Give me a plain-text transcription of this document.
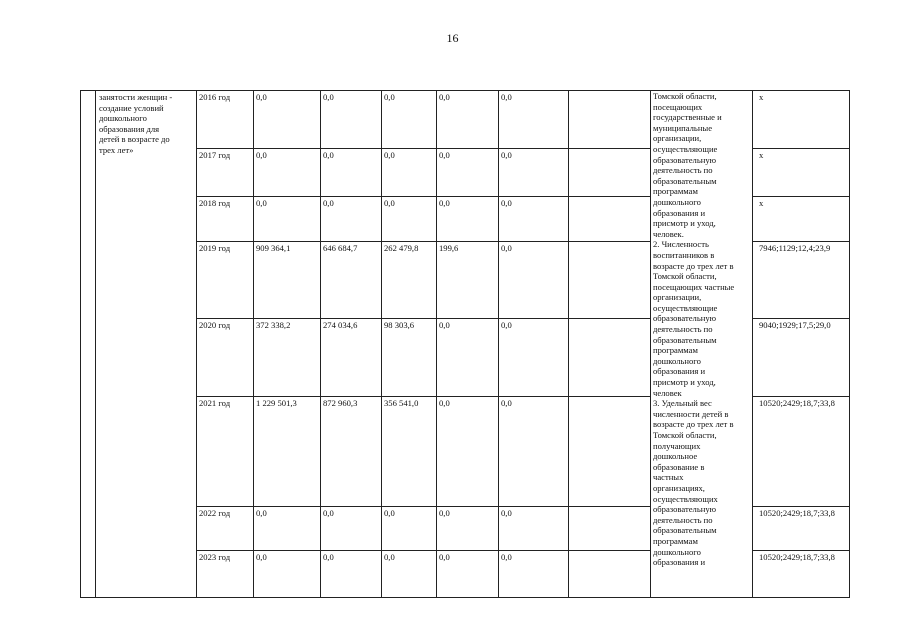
16
занятости женщин -
создание условий
дошкольного
образования для
детей в возрасте до
трех лет»
Томской области,
посещающих
государственные и
муниципальные
организации,
осуществляющие
образовательную
деятельность по
образовательным
программам
дошкольного
образования и
присмотр и уход,
человек.
2. Численность
воспитанников в
возрасте до трех лет в
Томской области,
посещающих частные
организации,
осуществляющие
образовательную
деятельность по
образовательным
программам
дошкольного
образования и
присмотр и уход,
человек
3. Удельный вес
численности детей в
возрасте до трех лет в
Томской области,
получающих
дошкольное
образование в
частных
организациях,
осуществляющих
образовательную
деятельность по
образовательным
программам
дошкольного
образования и
2016 год	0,0	0,0	0,0	0,0	0,0	x
2017 год	0,0	0,0	0,0	0,0	0,0	x
2018 год	0,0	0,0	0,0	0,0	0,0	x
2019 год	909 364,1	646 684,7	262 479,8	199,6	0,0	7946;1129;12,4;23,9
2020 год	372 338,2	274 034,6	98 303,6	0,0	0,0	9040;1929;17,5;29,0
2021 год	1 229 501,3	872 960,3	356 541,0	0,0	0,0	10520;2429;18,7;33,8
2022 год	0,0	0,0	0,0	0,0	0,0	10520;2429;18,7;33,8
2023 год	0,0	0,0	0,0	0,0	0,0	10520;2429;18,7;33,8
